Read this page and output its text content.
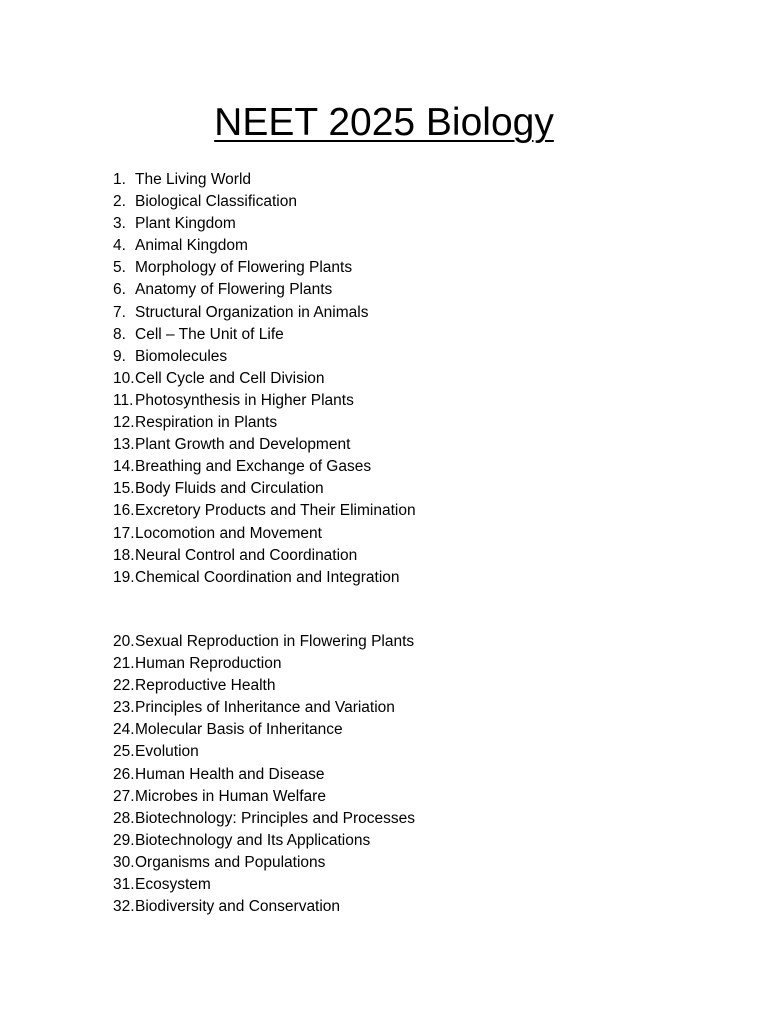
NEET 2025 Biology
1. The Living World
2. Biological Classification
3. Plant Kingdom
4. Animal Kingdom
5. Morphology of Flowering Plants
6. Anatomy of Flowering Plants
7. Structural Organization in Animals
8. Cell – The Unit of Life
9. Biomolecules
10. Cell Cycle and Cell Division
11. Photosynthesis in Higher Plants
12. Respiration in Plants
13. Plant Growth and Development
14. Breathing and Exchange of Gases
15. Body Fluids and Circulation
16. Excretory Products and Their Elimination
17. Locomotion and Movement
18. Neural Control and Coordination
19. Chemical Coordination and Integration
20. Sexual Reproduction in Flowering Plants
21. Human Reproduction
22. Reproductive Health
23. Principles of Inheritance and Variation
24. Molecular Basis of Inheritance
25. Evolution
26. Human Health and Disease
27. Microbes in Human Welfare
28. Biotechnology: Principles and Processes
29. Biotechnology and Its Applications
30. Organisms and Populations
31. Ecosystem
32. Biodiversity and Conservation
